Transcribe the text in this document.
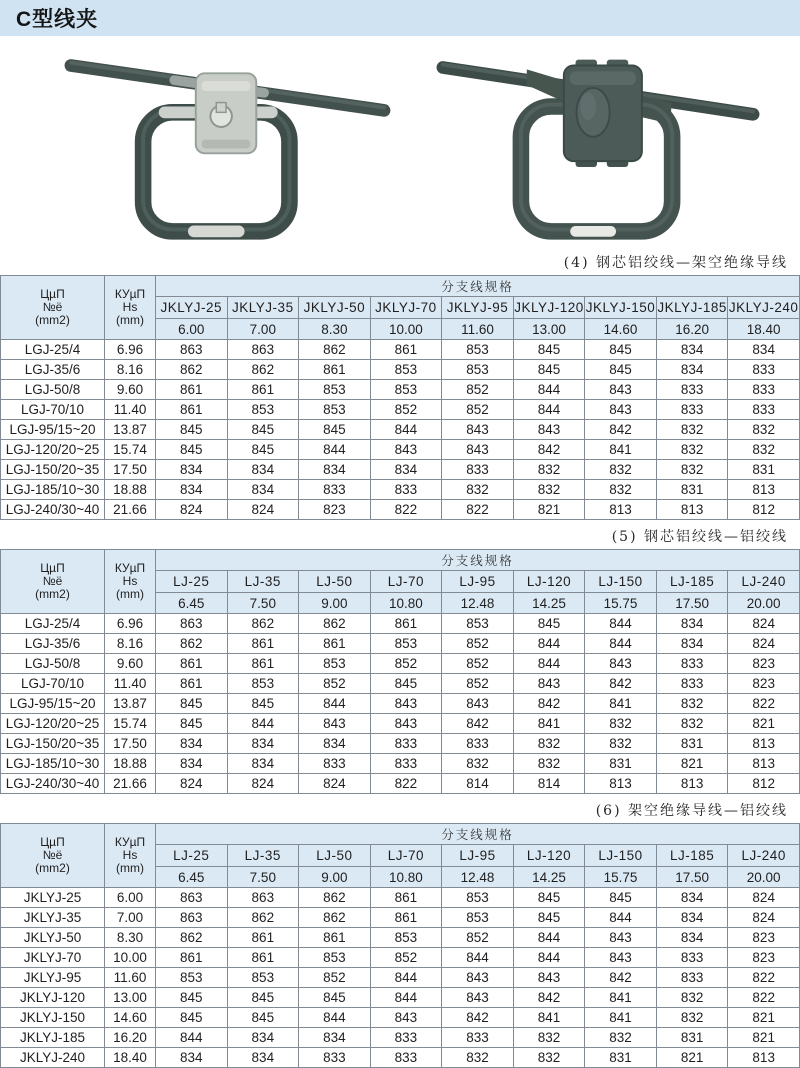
C型线夹
(4) 钢芯铝绞线—架空绝缘导线
ЦµП
№ё
(mm2)

КУµП
Hs
(mm)
	分支线规格
		JKLYJ-25	JKLYJ-35	JKLYJ-50	JKLYJ-70	JKLYJ-95	JKLYJ-120	JKLYJ-150	JKLYJ-185	JKLYJ-240
		6.00	7.00	8.30	10.00	11.60	13.00	14.60	16.20	18.40
LGJ-25/4	6.96	863	863	862	861	853	845	845	834	834
LGJ-35/6	8.16	862	862	861	853	853	845	845	834	833
LGJ-50/8	9.60	861	861	853	853	852	844	843	833	833
LGJ-70/10	11.40	861	853	853	852	852	844	843	833	833
LGJ-95/15~20	13.87	845	845	845	844	843	843	842	832	832
LGJ-120/20~25	15.74	845	845	844	843	843	842	841	832	832
LGJ-150/20~35	17.50	834	834	834	834	833	832	832	832	831
LGJ-185/10~30	18.88	834	834	833	833	832	832	832	831	813
LGJ-240/30~40	21.66	824	824	823	822	822	821	813	813	812
(5) 钢芯铝绞线—铝绞线
ЦµП
№ё
(mm2)

КУµП
Hs
(mm)
	分支线规格
		LJ-25	LJ-35	LJ-50	LJ-70	LJ-95	LJ-120	LJ-150	LJ-185	LJ-240
		6.45	7.50	9.00	10.80	12.48	14.25	15.75	17.50	20.00
LGJ-25/4	6.96	863	862	862	861	853	845	844	834	824
LGJ-35/6	8.16	862	861	861	853	852	844	844	834	824
LGJ-50/8	9.60	861	861	853	852	852	844	843	833	823
LGJ-70/10	11.40	861	853	852	845	852	843	842	833	823
LGJ-95/15~20	13.87	845	845	844	843	843	842	841	832	822
LGJ-120/20~25	15.74	845	844	843	843	842	841	832	832	821
LGJ-150/20~35	17.50	834	834	834	833	833	832	832	831	813
LGJ-185/10~30	18.88	834	834	833	833	832	832	831	821	813
LGJ-240/30~40	21.66	824	824	824	822	814	814	813	813	812
(6) 架空绝缘导线—铝绞线
ЦµП
№ё
(mm2)

КУµП
Hs
(mm)
	分支线规格
		LJ-25	LJ-35	LJ-50	LJ-70	LJ-95	LJ-120	LJ-150	LJ-185	LJ-240
		6.45	7.50	9.00	10.80	12.48	14.25	15.75	17.50	20.00
JKLYJ-25	6.00	863	863	862	861	853	845	845	834	824
JKLYJ-35	7.00	863	862	862	861	853	845	844	834	824
JKLYJ-50	8.30	862	861	861	853	852	844	843	834	823
JKLYJ-70	10.00	861	861	853	852	844	844	843	833	823
JKLYJ-95	11.60	853	853	852	844	843	843	842	833	822
JKLYJ-120	13.00	845	845	845	844	843	842	841	832	822
JKLYJ-150	14.60	845	845	844	843	842	841	841	832	821
JKLYJ-185	16.20	844	834	834	833	833	832	832	831	821
JKLYJ-240	18.40	834	834	833	833	832	832	831	821	813
